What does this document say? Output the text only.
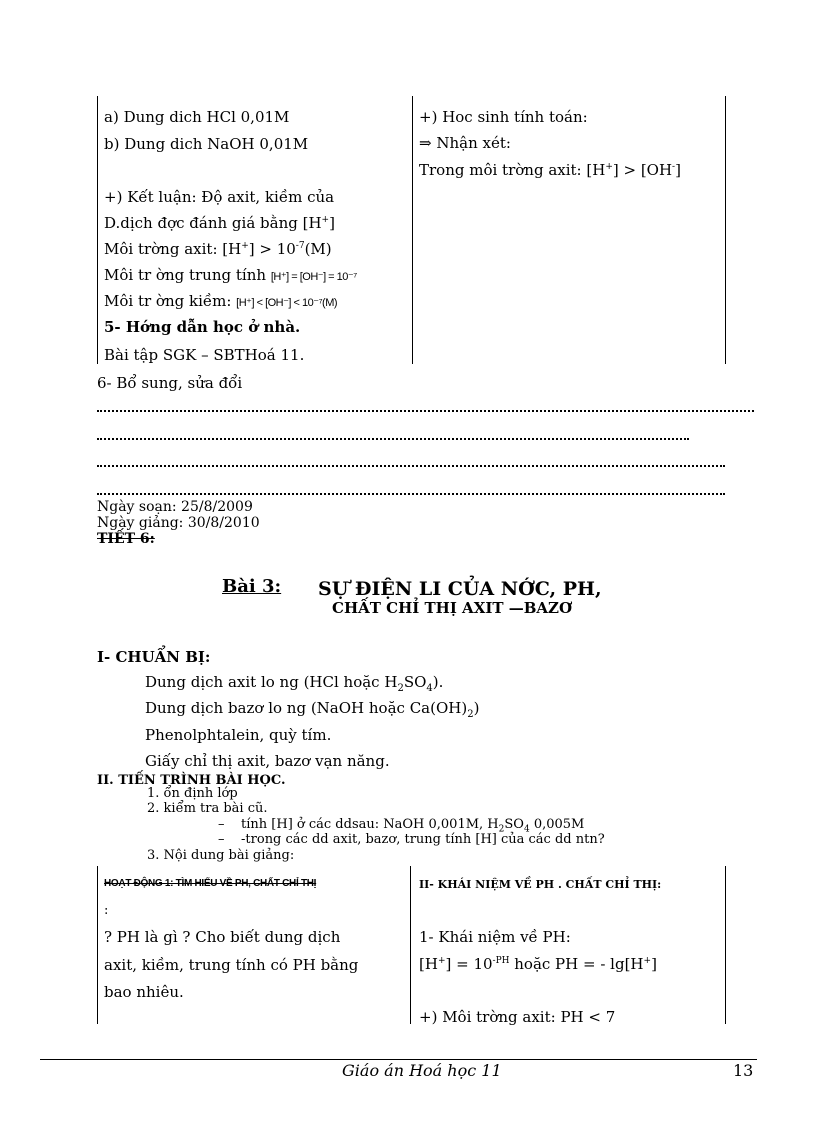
a) Dung dich HCl 0,01M
b) Dung dich NaOH 0,01M
+) Kết luận: Độ axit, kiềm của
D.dịch đợc đánh giá bằng [H+]
Môi trờng axit: $[H^+] > 10^{-7}(M)$
Môi tr ờng trung tính [H⁺] = [OH⁻] = 10⁻⁷
Môi tr ờng kiềm: [H⁺] < [OH⁻] < 10⁻⁷(M)
5- Hớng dẫn học ở nhà.
Bài tập SGK – SBTHoá 11.
+) Hoc sinh tính toán:
⇒ Nhận xét:
Trong môi trờng axit: [H+] > [OH-]
6- Bổ sung, sửa đổi
Ngày soạn: 25/8/2009
Ngày giảng: 30/8/2010
TIẾT 6:
Bài 3: SỰ ĐIỆN LI CỦA NỚC, PH,
CHẤT CHỈ THỊ AXIT —BAZƠ
I- CHUẨN BỊ:
Dung dịch axit lo ng (HCl hoặc $H_2SO_4$).
Dung dịch bazơ lo ng (NaOH hoặc $Ca(OH)_2$)
Phenolphtalein, quỳ tím.
Giấy chỉ thị axit, bazơ vạn năng.
II. TIẾN TRÌNH BÀI HỌC.
1. ổn định lớp
2. kiểm tra bài cũ.
–    tính [H] ở các ddsau: NaOH 0,001M, $H_2SO_4$ 0,005M
–    -trong các dd axit, bazơ, trung tính [H] của các dd ntn?
3. Nội dung bài giảng:
HOẠT ĐỘNG 1: TÌM HIỂU VỀ PH, CHẤT CHỈ THỊ
:
? PH là gì ? Cho biết dung dịch
axit, kiềm, trung tính có PH bằng
bao nhiêu.
II- KHÁI NIỆM VỀ PH . CHẤT CHỈ THỊ:
1- Khái niệm về PH:
$[H^+] = 10^{-PH}$ hoặc PH = - lg[H+]
+) Môi trờng axit: PH < 7
Giáo án Hoá học 11	13
